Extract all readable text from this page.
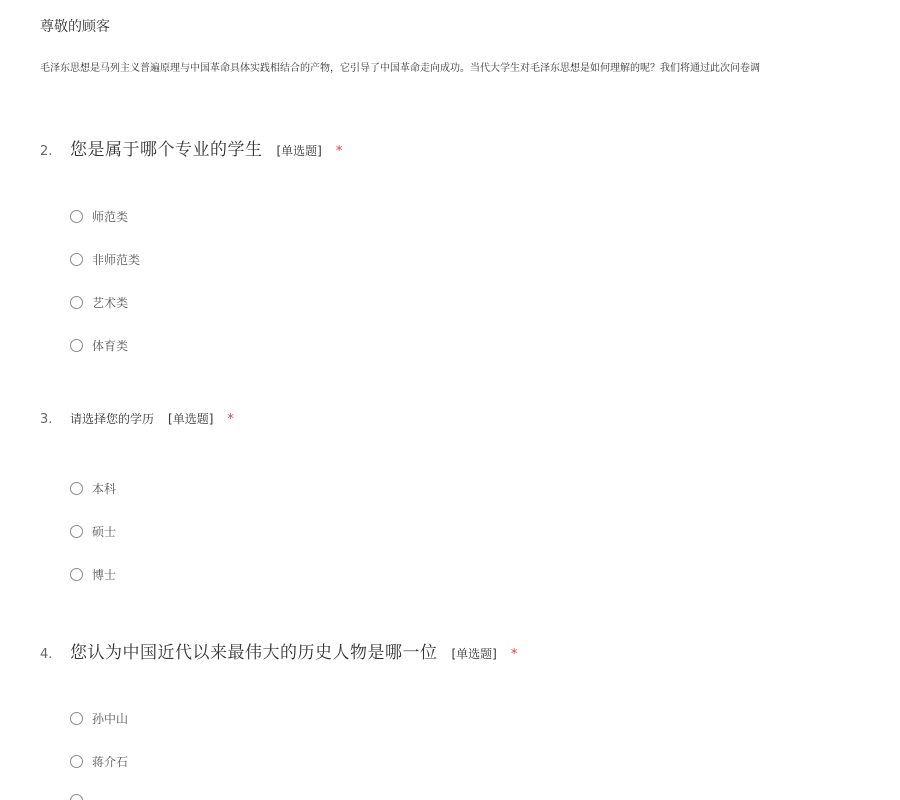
尊敬的顾客
毛泽东思想是马列主义普遍原理与中国革命具体实践相结合的产物，它引导了中国革命走向成功。当代大学生对毛泽东思想是如何理解的呢？我们将通过此次问卷调
2.	您是属于哪个专业的学生 [单选题] *
师范类
非师范类
艺术类
体育类
3.	请选择您的学历 [单选题] *
本科
硕士
博士
4.	您认为中国近代以来最伟大的历史人物是哪一位 [单选题] *
孙中山
蒋介石
